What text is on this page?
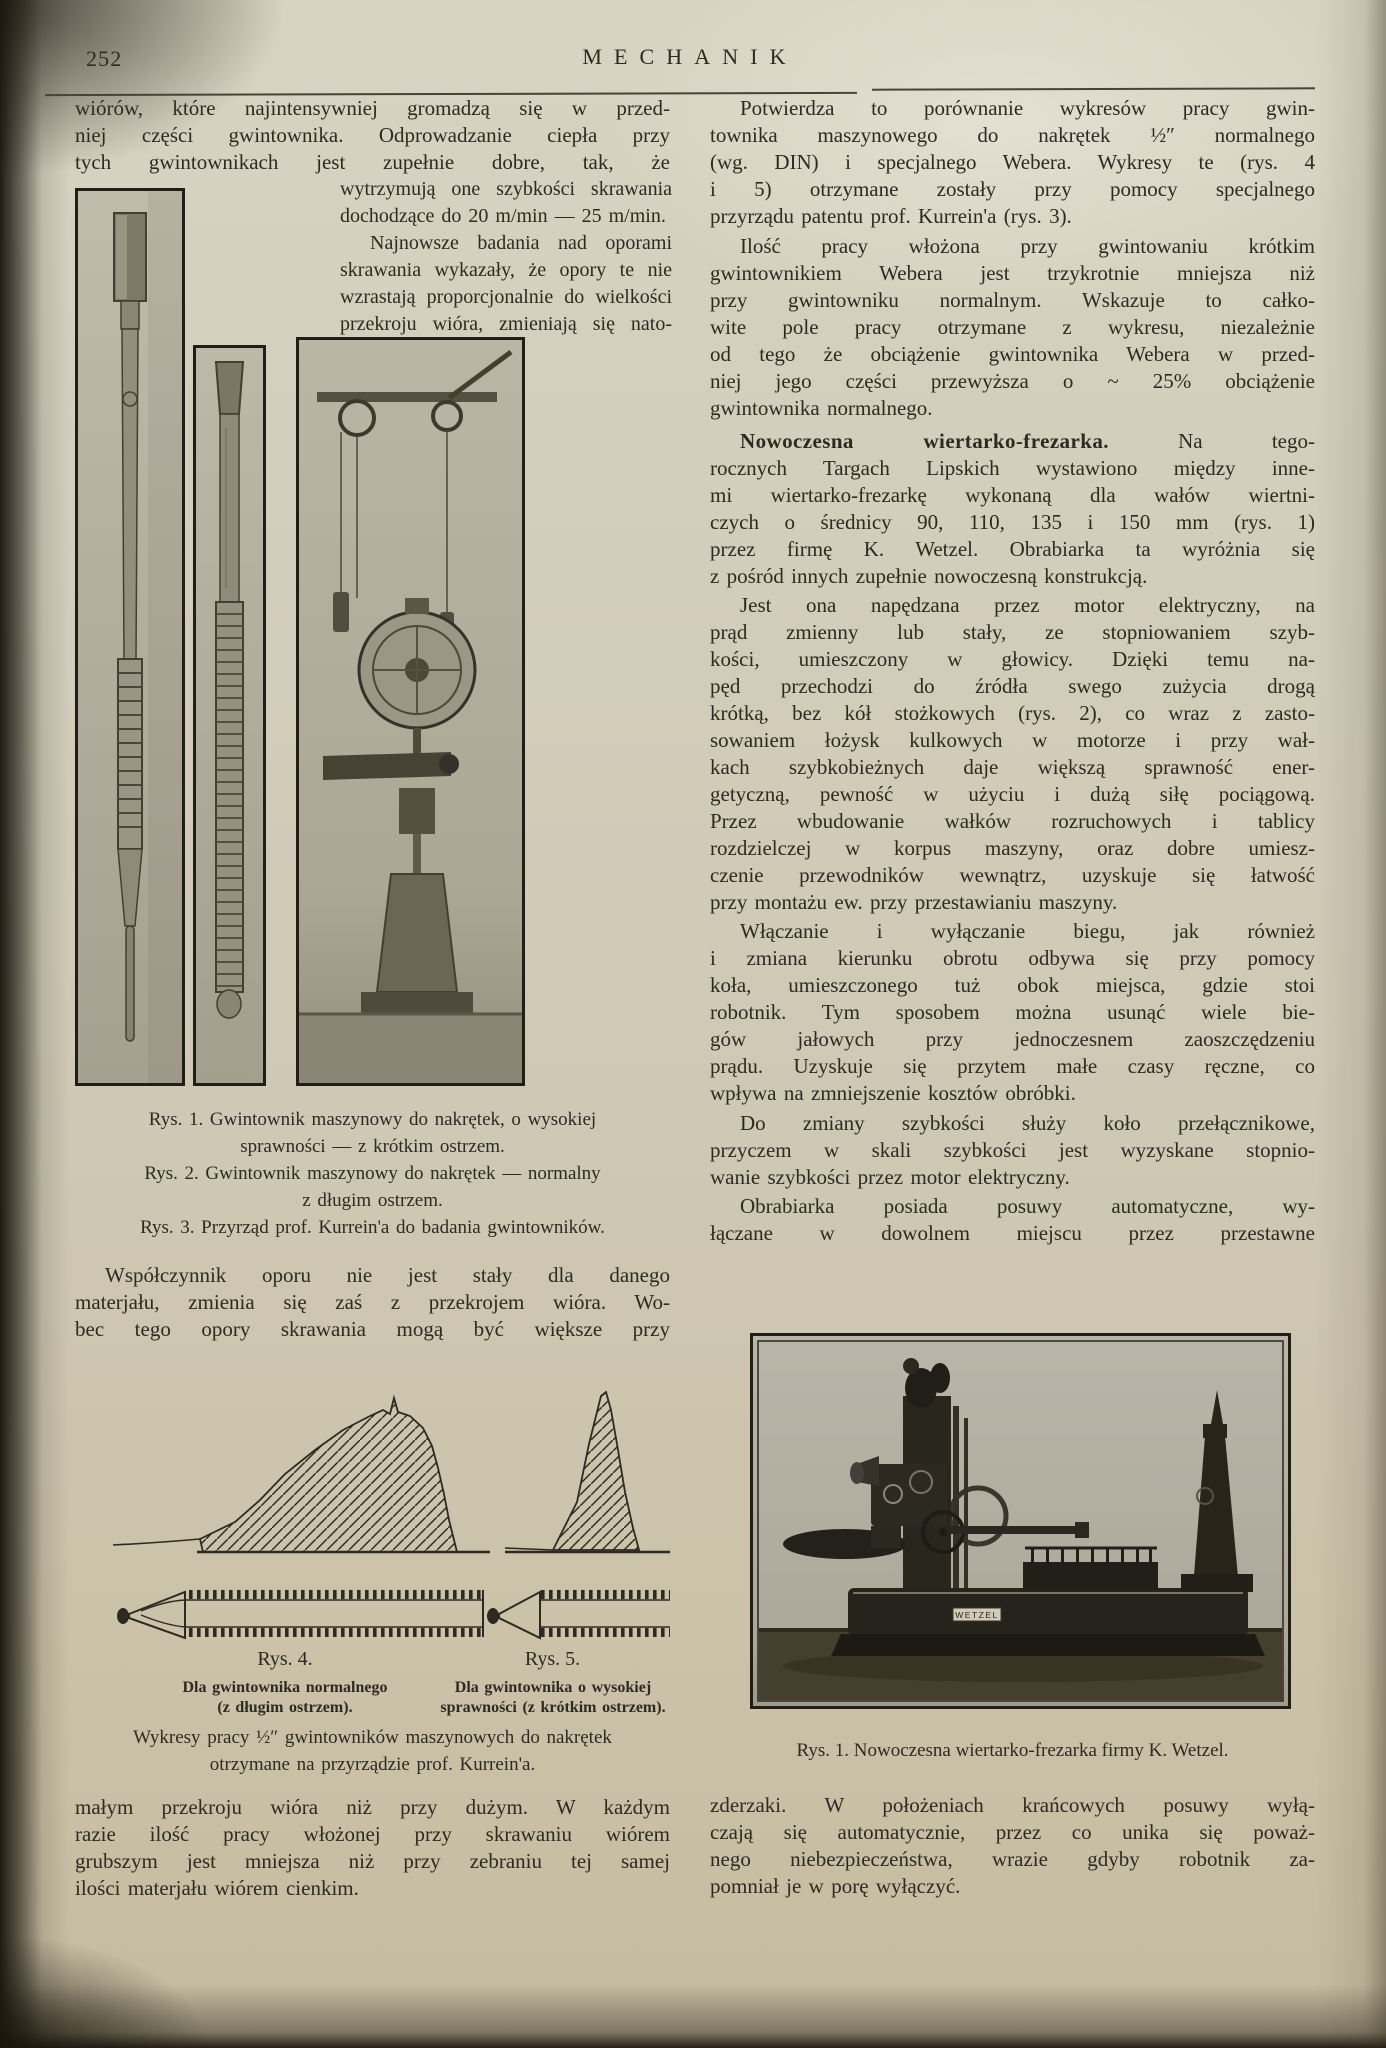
252	MECHANIK
wiórów, które najintensywniej gromadzą się w przed-
niej części gwintownika. Odprowadzanie ciepła przy
tych gwintownikach jest zupełnie dobre, tak, że
wytrzymują one szybkości skrawania
dochodzące do 20 m/min — 25 m/min.
Najnowsze badania nad oporami
skrawania wykazały, że opory te nie
wzrastają proporcjonalnie do wielkości
przekroju wióra, zmieniają się nato-
Rys. 1. Gwintownik maszynowy do nakrętek, o wysokiej
sprawności — z krótkim ostrzem.
Rys. 2. Gwintownik maszynowy do nakrętek — normalny
z długim ostrzem.
Rys. 3. Przyrząd prof. Kurrein'a do badania gwintowników.
Współczynnik oporu nie jest stały dla danego
materjału, zmienia się zaś z przekrojem wióra. Wo-
bec tego opory skrawania mogą być większe przy
Rys. 4.	Rys. 5.
Dla gwintownika normalnego
(z długim ostrzem).
Dla gwintownika o wysokiej
sprawności (z krótkim ostrzem).
Wykresy pracy ½″ gwintowników maszynowych do nakrętek
otrzymane na przyrządzie prof. Kurrein'a.
małym przekroju wióra niż przy dużym. W każdym
razie ilość pracy włożonej przy skrawaniu wiórem
grubszym jest mniejsza niż przy zebraniu tej samej
ilości materjału wiórem cienkim.
Potwierdza to porównanie wykresów pracy gwin-
townika maszynowego do nakrętek ½″ normalnego
(wg. DIN) i specjalnego Webera. Wykresy te (rys. 4
i 5) otrzymane zostały przy pomocy specjalnego
przyrządu patentu prof. Kurrein'a (rys. 3).
Ilość pracy włożona przy gwintowaniu krótkim
gwintownikiem Webera jest trzykrotnie mniejsza niż
przy gwintowniku normalnym. Wskazuje to całko-
wite pole pracy otrzymane z wykresu, niezależnie
od tego że obciążenie gwintownika Webera w przed-
niej jego części przewyższa o ~ 25% obciążenie
gwintownika normalnego.
Nowoczesna wiertarko-frezarka.	Na tego-
rocznych Targach Lipskich wystawiono między inne-
mi wiertarko-frezarkę wykonaną dla wałów wiertni-
czych o średnicy 90, 110, 135 i 150 mm (rys. 1)
przez firmę K. Wetzel. Obrabiarka ta wyróżnia się
z pośród innych zupełnie nowoczesną konstrukcją.
Jest ona napędzana przez motor elektryczny, na
prąd zmienny lub stały, ze stopniowaniem szyb-
kości, umieszczony w głowicy. Dzięki temu na-
pęd przechodzi do źródła swego zużycia drogą
krótką, bez kół stożkowych (rys. 2), co wraz z zasto-
sowaniem łożysk kulkowych w motorze i przy wał-
kach szybkobieżnych daje większą sprawność ener-
getyczną, pewność w użyciu i dużą siłę pociągową.
Przez wbudowanie wałków rozruchowych i tablicy
rozdzielczej w korpus maszyny, oraz dobre umiesz-
czenie przewodników wewnątrz, uzyskuje się łatwość
przy montażu ew. przy przestawianiu maszyny.
Włączanie i wyłączanie biegu, jak również
i zmiana kierunku obrotu odbywa się przy pomocy
koła, umieszczonego tuż obok miejsca, gdzie stoi
robotnik. Tym sposobem można usunąć wiele bie-
gów jałowych przy jednoczesnem zaoszczędzeniu
prądu. Uzyskuje się przytem małe czasy ręczne, co
wpływa na zmniejszenie kosztów obróbki.
Do zmiany szybkości służy koło przełącznikowe,
przyczem w skali szybkości jest wyzyskane stopnio-
wanie szybkości przez motor elektryczny.
Obrabiarka posiada posuwy automatyczne, wy-
łączane w dowolnem miejscu przez przestawne
WETZEL
Rys. 1. Nowoczesna wiertarko-frezarka firmy K. Wetzel.
zderzaki. W położeniach krańcowych posuwy wyłą-
czają się automatycznie, przez co unika się poważ-
nego niebezpieczeństwa, wrazie gdyby robotnik za-
pomniał je w porę wyłączyć.
